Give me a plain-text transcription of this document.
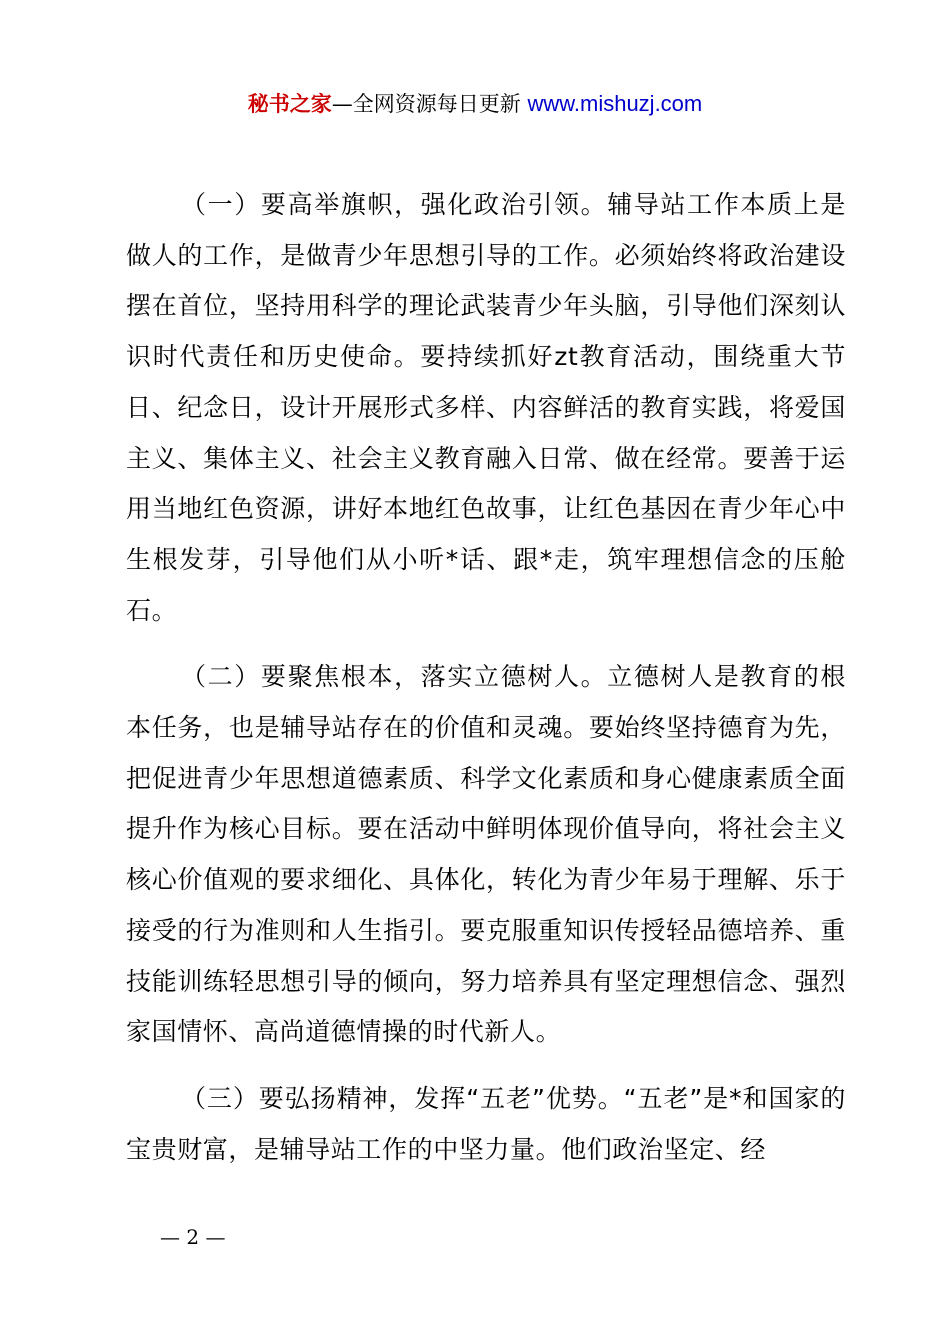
秘书之家—全网资源每日更新 www.mishuzj.com

（一）要高举旗帜，强化政治引领。辅导站工作本质上是做人的工作，是做青少年思想引导的工作。必须始终将政治建设摆在首位，坚持用科学的理论武装青少年头脑，引导他们深刻认识时代责任和历史使命。要持续抓好zt教育活动，围绕重大节日、纪念日，设计开展形式多样、内容鲜活的教育实践，将爱国主义、集体主义、社会主义教育融入日常、做在经常。要善于运用当地红色资源，讲好本地红色故事，让红色基因在青少年心中生根发芽，引导他们从小听*话、跟*走，筑牢理想信念的压舱石。

（二）要聚焦根本，落实立德树人。立德树人是教育的根本任务，也是辅导站存在的价值和灵魂。要始终坚持德育为先，把促进青少年思想道德素质、科学文化素质和身心健康素质全面提升作为核心目标。要在活动中鲜明体现价值导向，将社会主义核心价值观的要求细化、具体化，转化为青少年易于理解、乐于接受的行为准则和人生指引。要克服重知识传授轻品德培养、重技能训练轻思想引导的倾向，努力培养具有坚定理想信念、强烈家国情怀、高尚道德情操的时代新人。

（三）要弘扬精神，发挥“五老”优势。“五老”是*和国家的宝贵财富，是辅导站工作的中坚力量。他们政治坚定、经

— 2 —
